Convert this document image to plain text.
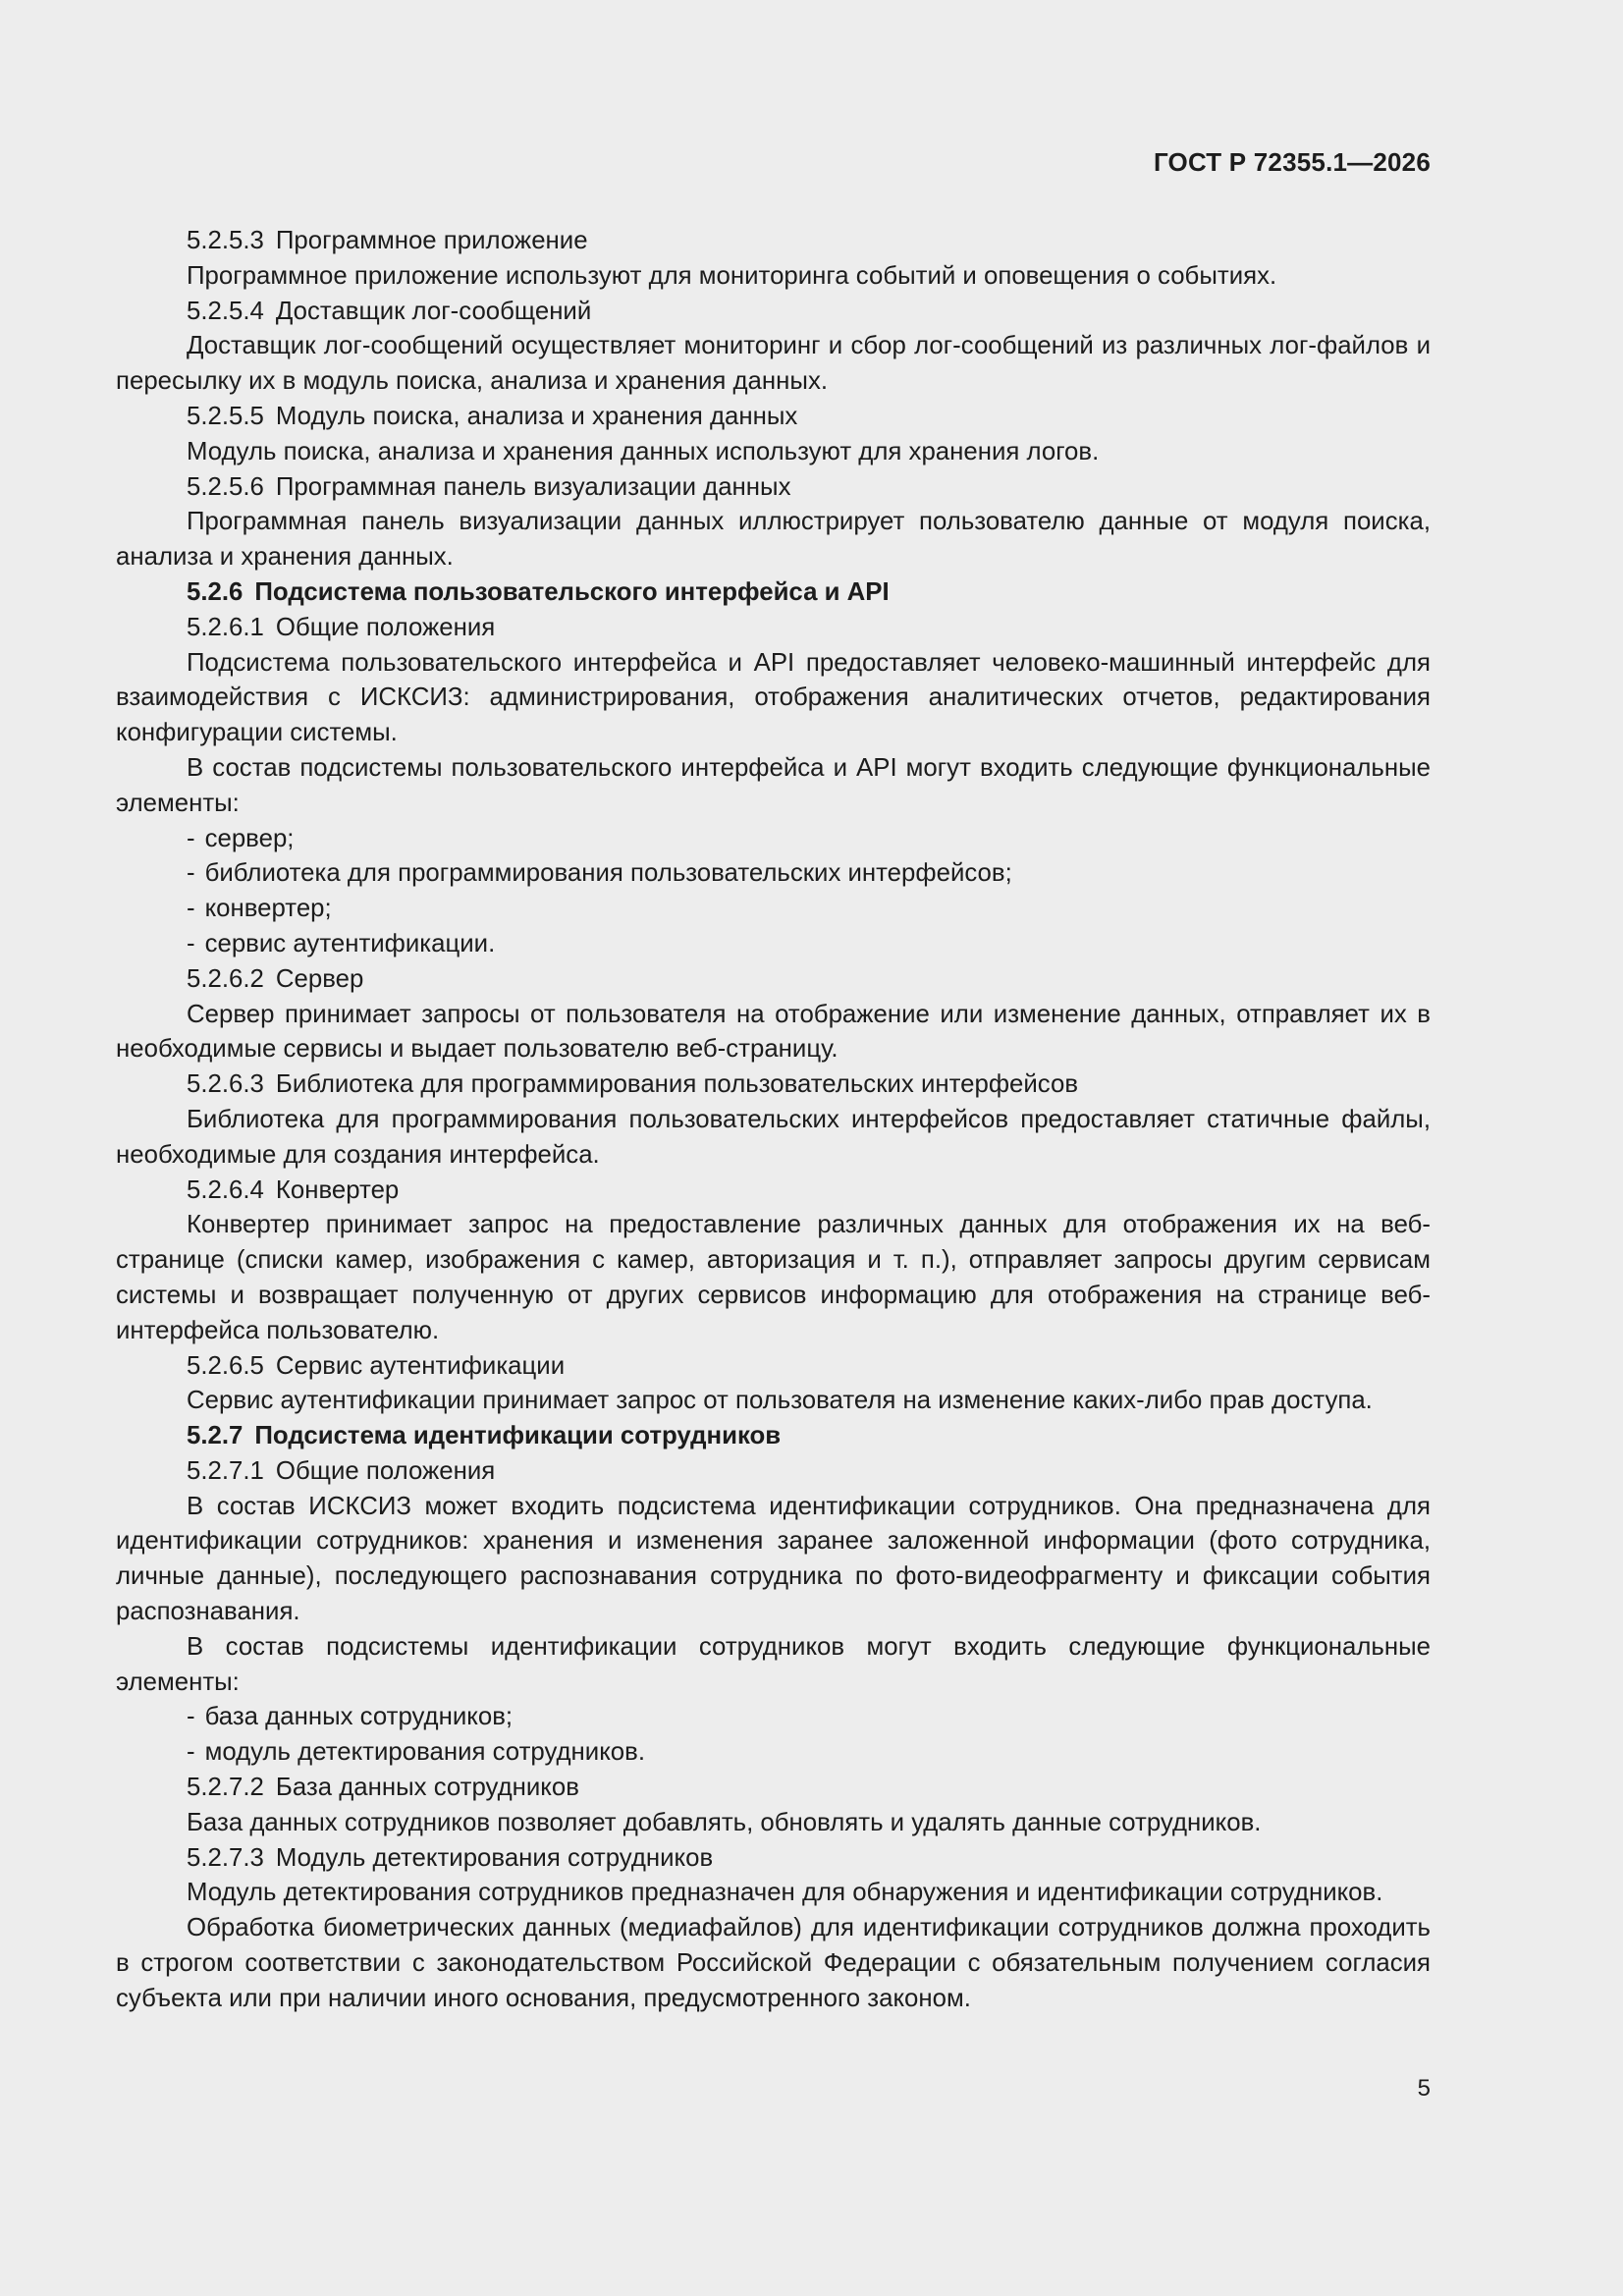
ГОСТ Р 72355.1—2026

5.2.5.3 Программное приложение

Программное приложение используют для мониторинга событий и оповещения о событиях.

5.2.5.4 Доставщик лог-сообщений

Доставщик лог-сообщений осуществляет мониторинг и сбор лог-сообщений из различных лог-файлов и пересылку их в модуль поиска, анализа и хранения данных.

5.2.5.5 Модуль поиска, анализа и хранения данных

Модуль поиска, анализа и хранения данных используют для хранения логов.

5.2.5.6 Программная панель визуализации данных

Программная панель визуализации данных иллюстрирует пользователю данные от модуля поиска, анализа и хранения данных.

5.2.6 Подсистема пользовательского интерфейса и API

5.2.6.1 Общие положения

Подсистема пользовательского интерфейса и API предоставляет человеко-машинный интерфейс для взаимодействия с ИСКСИЗ: администрирования, отображения аналитических отчетов, редактирования конфигурации системы.

В состав подсистемы пользовательского интерфейса и API могут входить следующие функциональные элементы:

- сервер;

- библиотека для программирования пользовательских интерфейсов;

- конвертер;

- сервис аутентификации.

5.2.6.2 Сервер

Сервер принимает запросы от пользователя на отображение или изменение данных, отправляет их в необходимые сервисы и выдает пользователю веб-страницу.

5.2.6.3 Библиотека для программирования пользовательских интерфейсов

Библиотека для программирования пользовательских интерфейсов предоставляет статичные файлы, необходимые для создания интерфейса.

5.2.6.4 Конвертер

Конвертер принимает запрос на предоставление различных данных для отображения их на веб-странице (списки камер, изображения с камер, авторизация и т. п.), отправляет запросы другим сервисам системы и возвращает полученную от других сервисов информацию для отображения на странице веб-интерфейса пользователю.

5.2.6.5 Сервис аутентификации

Сервис аутентификации принимает запрос от пользователя на изменение каких-либо прав доступа.

5.2.7 Подсистема идентификации сотрудников

5.2.7.1 Общие положения

В состав ИСКСИЗ может входить подсистема идентификации сотрудников. Она предназначена для идентификации сотрудников: хранения и изменения заранее заложенной информации (фото сотрудника, личные данные), последующего распознавания сотрудника по фото-видеофрагменту и фиксации события распознавания.

В состав подсистемы идентификации сотрудников могут входить следующие функциональные элементы:

- база данных сотрудников;

- модуль детектирования сотрудников.

5.2.7.2 База данных сотрудников

База данных сотрудников позволяет добавлять, обновлять и удалять данные сотрудников.

5.2.7.3 Модуль детектирования сотрудников

Модуль детектирования сотрудников предназначен для обнаружения и идентификации сотрудников.

Обработка биометрических данных (медиафайлов) для идентификации сотрудников должна проходить в строгом соответствии с законодательством Российской Федерации с обязательным получением согласия субъекта или при наличии иного основания, предусмотренного законом.

5
